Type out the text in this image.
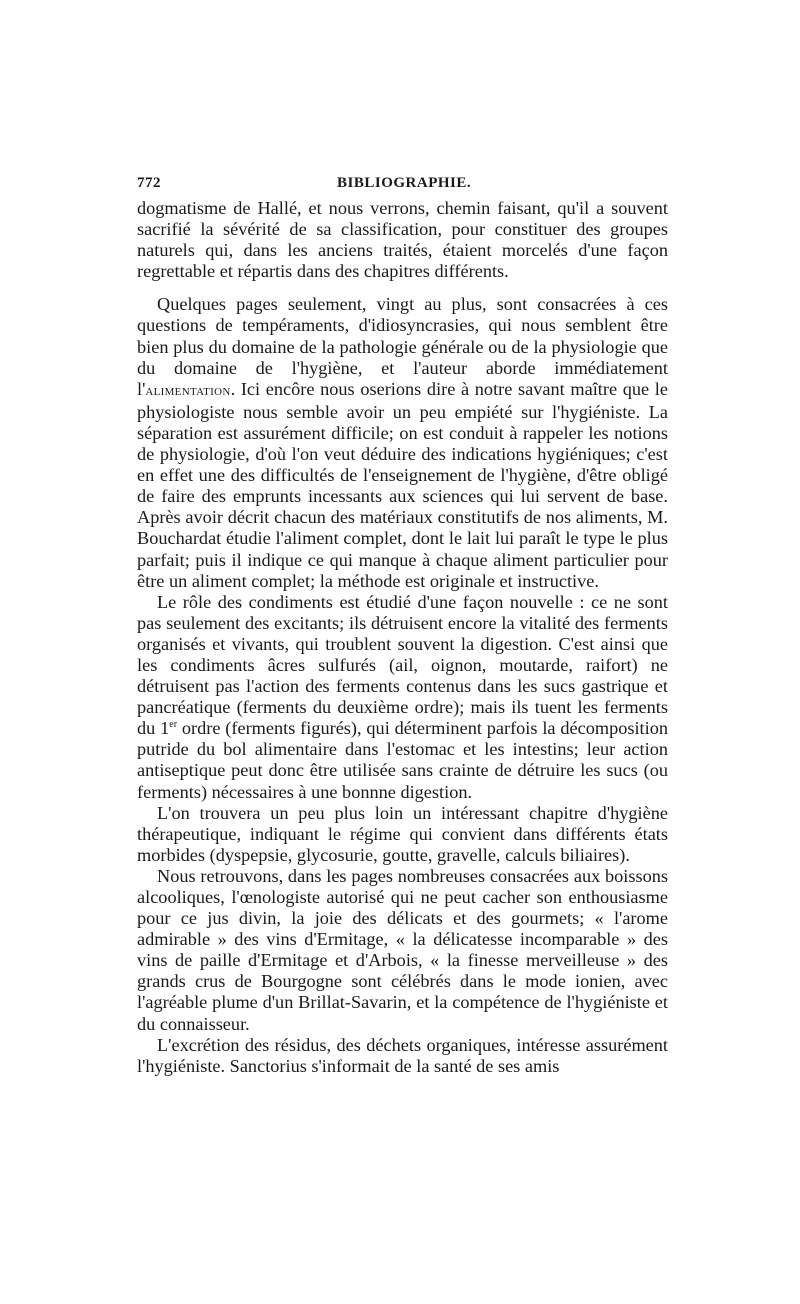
772	BIBLIOGRAPHIE.

dogmatisme de Hallé, et nous verrons, chemin faisant, qu'il a souvent sacrifié la sévérité de sa classification, pour constituer des groupes naturels qui, dans les anciens traités, étaient morcelés d'une façon regrettable et répartis dans des chapitres différents.

Quelques pages seulement, vingt au plus, sont consacrées à ces questions de tempéraments, d'idiosyncrasies, qui nous semblent être bien plus du domaine de la pathologie générale ou de la physiologie que du domaine de l'hygiène, et l'auteur aborde immédiatement l'alimentation. Ici encôre nous oserions dire à notre savant maître que le physiologiste nous semble avoir un peu empiété sur l'hygiéniste. La séparation est assurément difficile; on est conduit à rappeler les notions de physiologie, d'où l'on veut déduire des indications hygiéniques; c'est en effet une des difficultés de l'enseignement de l'hygiène, d'être obligé de faire des emprunts incessants aux sciences qui lui servent de base. Après avoir décrit chacun des matériaux constitutifs de nos aliments, M. Bouchardat étudie l'aliment complet, dont le lait lui paraît le type le plus parfait; puis il indique ce qui manque à chaque aliment particulier pour être un aliment complet; la méthode est originale et instructive.

Le rôle des condiments est étudié d'une façon nouvelle : ce ne sont pas seulement des excitants; ils détruisent encore la vitalité des ferments organisés et vivants, qui troublent souvent la digestion. C'est ainsi que les condiments âcres sulfurés (ail, oignon, moutarde, raifort) ne détruisent pas l'action des ferments contenus dans les sucs gastrique et pancréatique (ferments du deuxième ordre); mais ils tuent les ferments du 1er ordre (ferments figurés), qui déterminent parfois la décomposition putride du bol alimentaire dans l'estomac et les intestins; leur action antiseptique peut donc être utilisée sans crainte de détruire les sucs (ou ferments) nécessaires à une bonnne digestion.

L'on trouvera un peu plus loin un intéressant chapitre d'hygiène thérapeutique, indiquant le régime qui convient dans différents états morbides (dyspepsie, glycosurie, goutte, gravelle, calculs biliaires).

Nous retrouvons, dans les pages nombreuses consacrées aux boissons alcooliques, l'œnologiste autorisé qui ne peut cacher son enthousiasme pour ce jus divin, la joie des délicats et des gourmets; « l'arome admirable » des vins d'Ermitage, « la délicatesse incomparable » des vins de paille d'Ermitage et d'Arbois, « la finesse merveilleuse » des grands crus de Bourgogne sont célébrés dans le mode ionien, avec l'agréable plume d'un Brillat-Savarin, et la compétence de l'hygiéniste et du connaisseur.

L'excrétion des résidus, des déchets organiques, intéresse assurément l'hygiéniste. Sanctorius s'informait de la santé de ses amis
